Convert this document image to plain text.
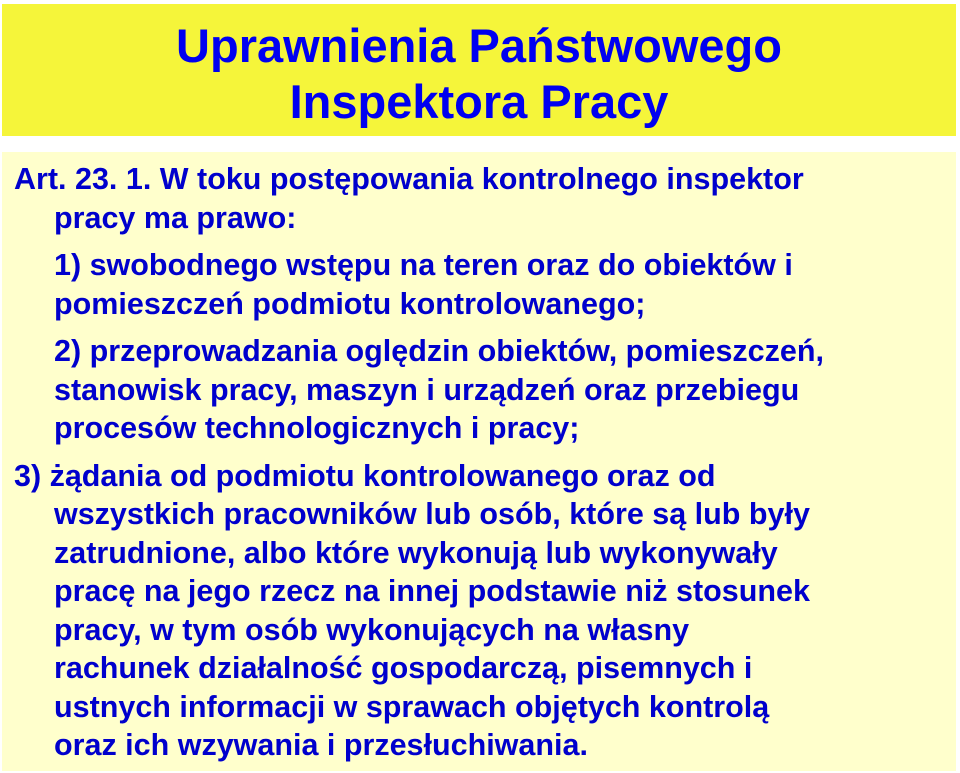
Uprawnienia Państwowego
Inspektora Pracy
Art. 23. 1. W toku postępowania kontrolnego inspektor
pracy ma prawo:
1) swobodnego wstępu na teren oraz do obiektów i
pomieszczeń podmiotu kontrolowanego;
2) przeprowadzania oględzin obiektów, pomieszczeń,
stanowisk pracy, maszyn i urządzeń oraz przebiegu
procesów technologicznych i pracy;
3) żądania od podmiotu kontrolowanego oraz od
wszystkich pracowników lub osób, które są lub były
zatrudnione, albo które wykonują lub wykonywały
pracę na jego rzecz na innej podstawie niż stosunek
pracy, w tym osób wykonujących na własny
rachunek działalność gospodarczą, pisemnych i
ustnych informacji w sprawach objętych kontrolą
oraz ich wzywania i przesłuchiwania.
